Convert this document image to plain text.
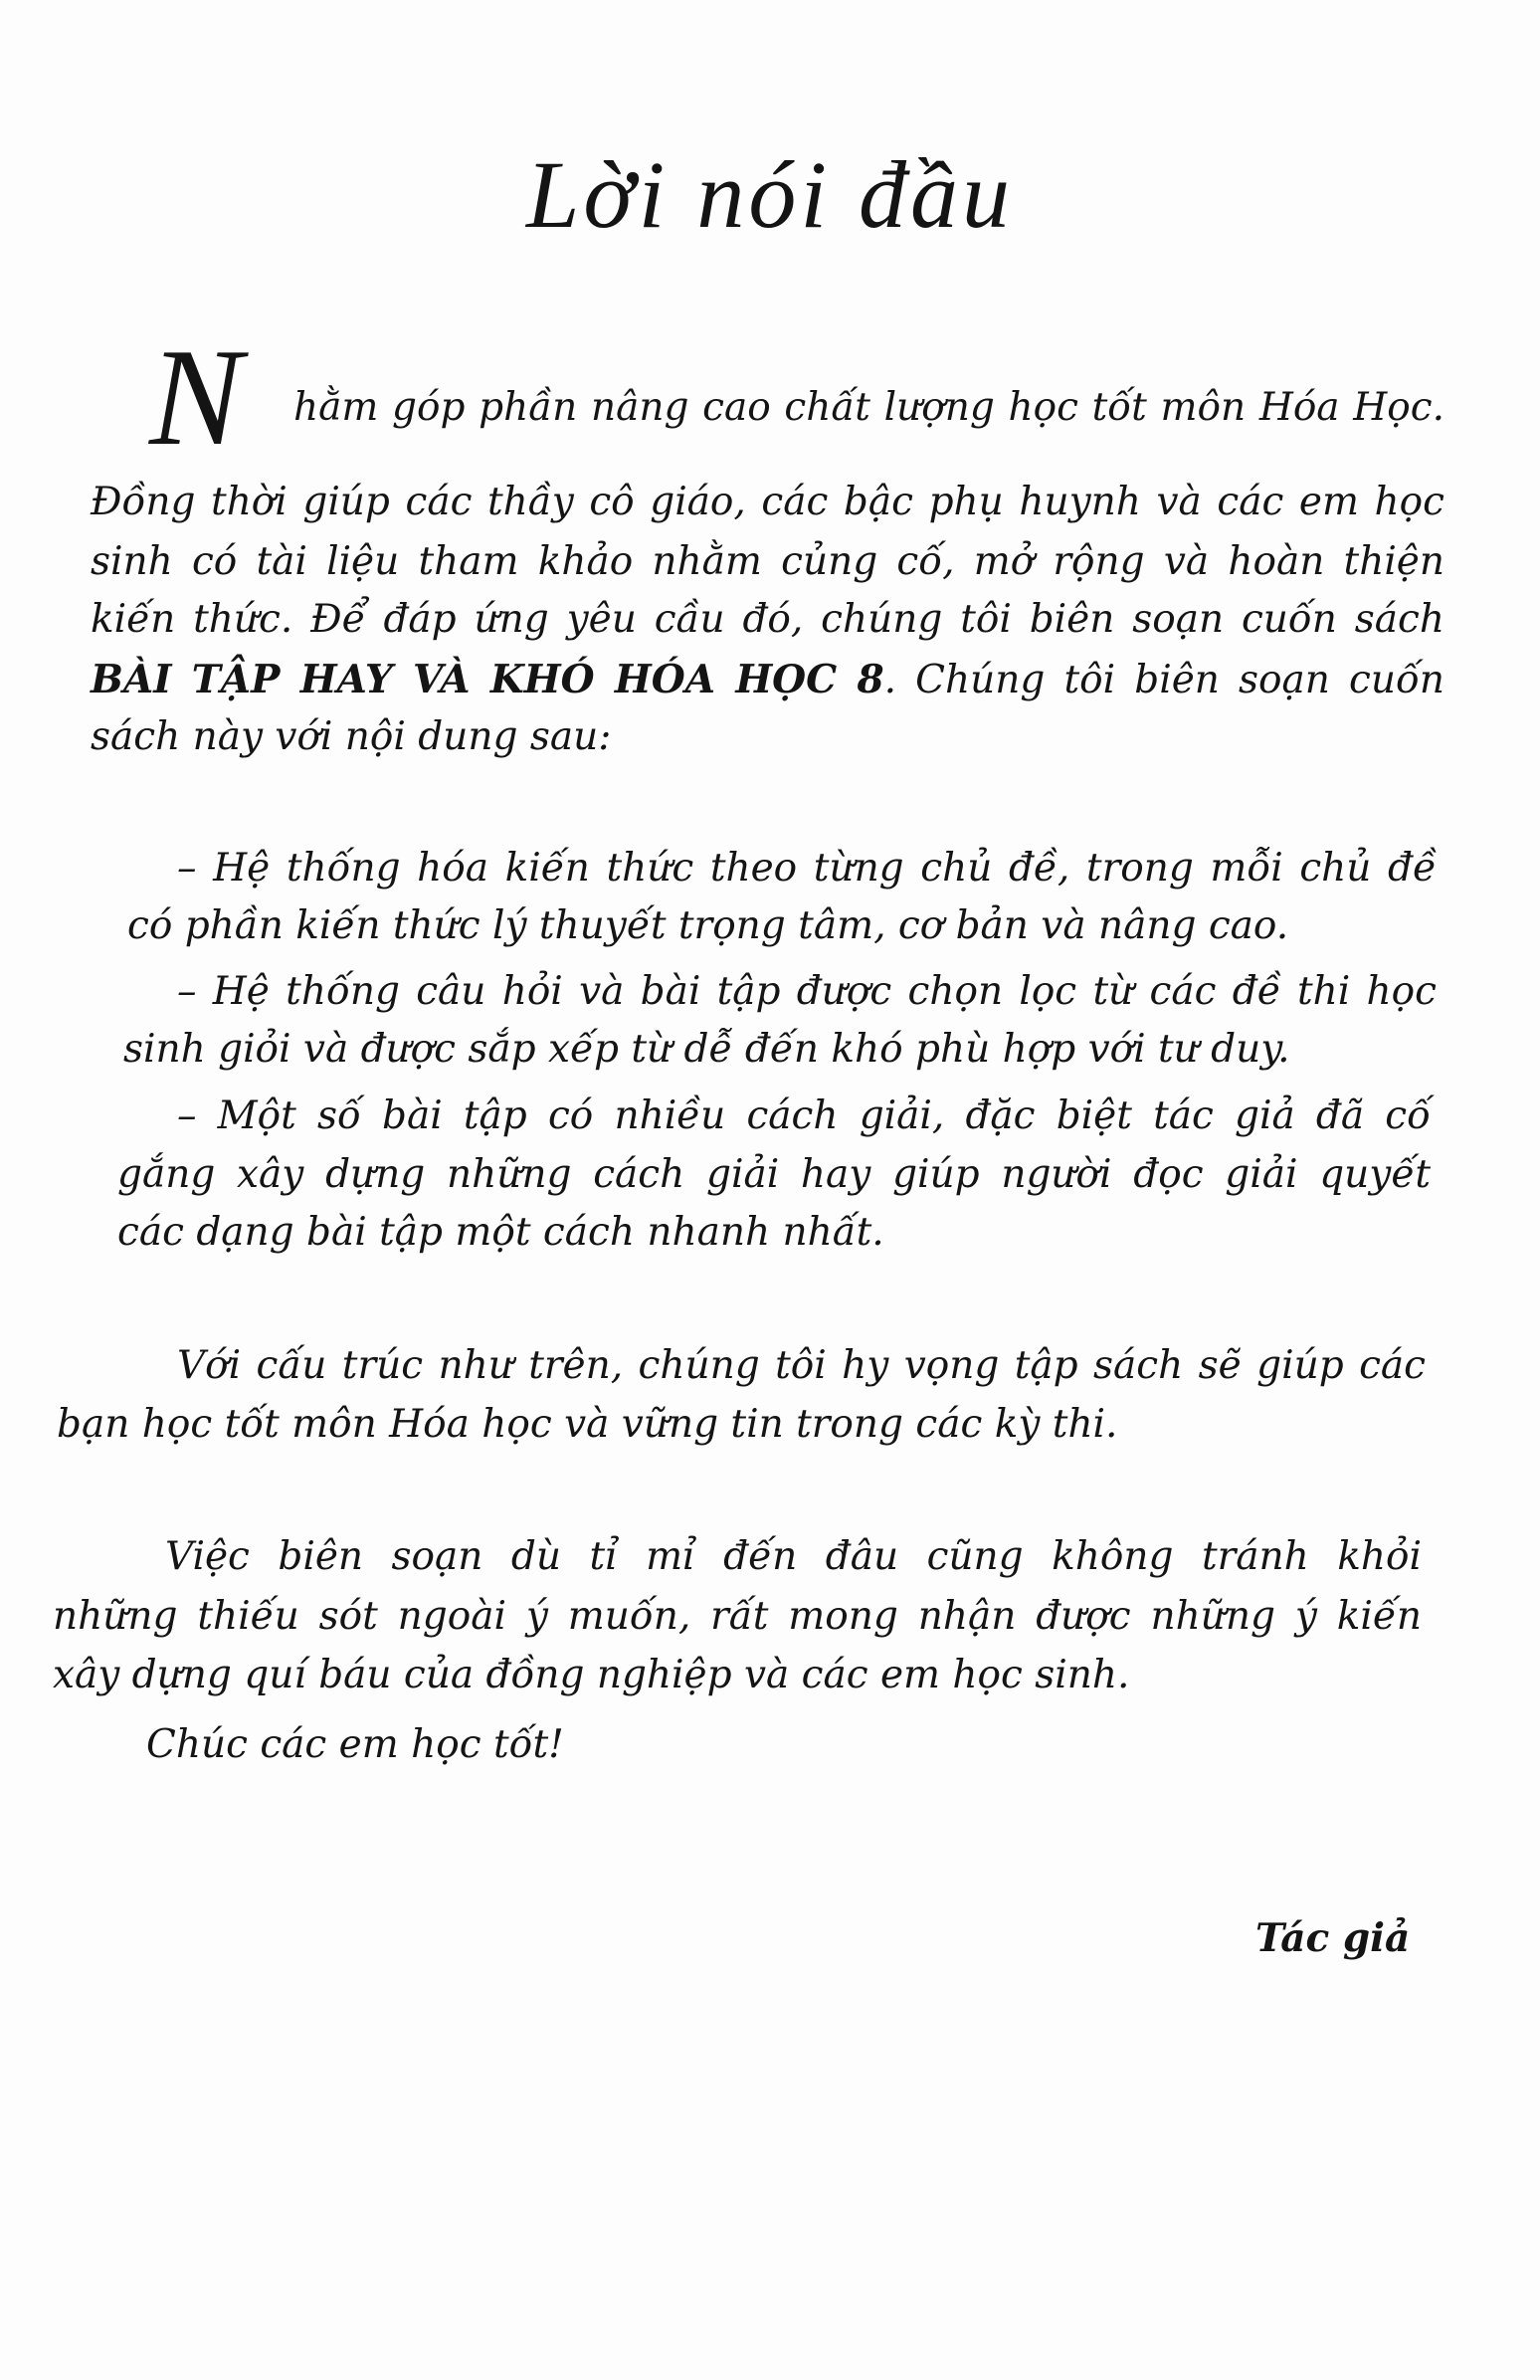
Lời nói đầu
N hằm góp phần nâng cao chất lượng học tốt môn Hóa Học.
Đồng thời giúp các thầy cô giáo, các bậc phụ huynh và các em học
sinh có tài liệu tham khảo nhằm củng cố, mở rộng và hoàn thiện
kiến thức. Để đáp ứng yêu cầu đó, chúng tôi biên soạn cuốn sách
BÀI TẬP HAY VÀ KHÓ HÓA HỌC 8. Chúng tôi biên soạn cuốn
sách này với nội dung sau:
– Hệ thống hóa kiến thức theo từng chủ đề, trong mỗi chủ đề
có phần kiến thức lý thuyết trọng tâm, cơ bản và nâng cao.
– Hệ thống câu hỏi và bài tập được chọn lọc từ các đề thi học
sinh giỏi và được sắp xếp từ dễ đến khó phù hợp với tư duy.
– Một số bài tập có nhiều cách giải, đặc biệt tác giả đã cố
gắng xây dựng những cách giải hay giúp người đọc giải quyết
các dạng bài tập một cách nhanh nhất.
Với cấu trúc như trên, chúng tôi hy vọng tập sách sẽ giúp các
bạn học tốt môn Hóa học và vững tin trong các kỳ thi.
Việc biên soạn dù tỉ mỉ đến đâu cũng không tránh khỏi
những thiếu sót ngoài ý muốn, rất mong nhận được những ý kiến
xây dựng quí báu của đồng nghiệp và các em học sinh.
Chúc các em học tốt!
Tác giả
